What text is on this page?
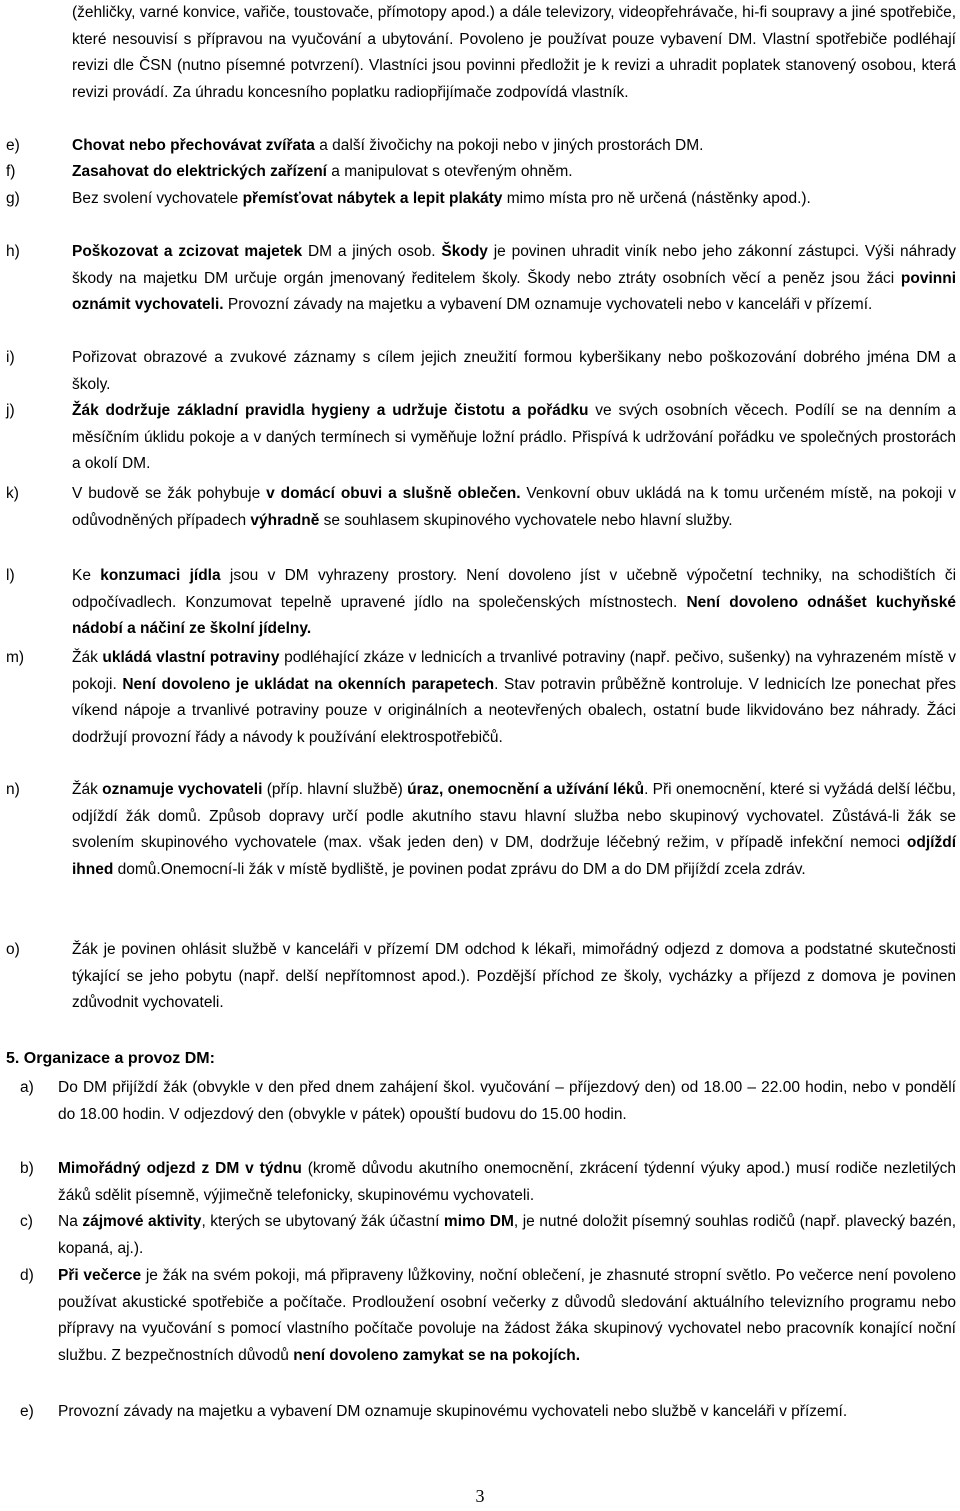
(žehličky, varné konvice, vařiče, toustovače, přímotopy apod.) a dále televizory, videopřehrávače, hi-fi soupravy a jiné spotřebiče, které nesouvisí s přípravou na vyučování a ubytování. Povoleno je používat pouze vybavení DM. Vlastní spotřebiče podléhají revizi dle ČSN (nutno písemné potvrzení). Vlastníci jsou povinni předložit je k revizi a uhradit poplatek stanovený osobou, která revizi provádí. Za úhradu koncesního poplatku radiopřijímače zodpovídá vlastník.
e)	Chovat nebo přechovávat zvířata a další živočichy na pokoji nebo v jiných prostorách DM.
f)	Zasahovat do elektrických zařízení a manipulovat s otevřeným ohněm.
g)	Bez svolení vychovatele přemísťovat nábytek a lepit plakáty mimo místa pro ně určená (nástěnky apod.).
h)	Poškozovat a zcizovat majetek DM a jiných osob. Škody je povinen uhradit viník nebo jeho zákonní zástupci. Výši náhrady škody na majetku DM určuje orgán jmenovaný ředitelem školy. Škody nebo ztráty osobních věcí a peněz jsou žáci povinni oznámit vychovateli. Provozní závady na majetku a vybavení DM oznamuje vychovateli nebo v kanceláři v přízemí.
i)	Pořizovat obrazové a zvukové záznamy s cílem jejich zneužití formou kyberšikany nebo poškozování dobrého jména DM a školy.
j)	Žák dodržuje základní pravidla hygieny a udržuje čistotu a pořádku ve svých osobních věcech. Podílí se na denním a měsíčním úklidu pokoje a v daných termínech si vyměňuje ložní prádlo. Přispívá k udržování pořádku ve společných prostorách a okolí DM.
k)	V budově se žák pohybuje v domácí obuvi a slušně oblečen. Venkovní obuv ukládá na k tomu určeném místě, na pokoji v odůvodněných případech výhradně se souhlasem skupinového vychovatele nebo hlavní služby.
l)	Ke konzumaci jídla jsou v DM vyhrazeny prostory. Není dovoleno jíst v učebně výpočetní techniky, na schodištích či odpočívadlech. Konzumovat tepelně upravené jídlo na společenských místnostech. Není dovoleno odnášet kuchyňské nádobí a náčiní ze školní jídelny.
m)	Žák ukládá vlastní potraviny podléhající zkáze v lednicích a trvanlivé potraviny (např. pečivo, sušenky) na vyhrazeném místě v pokoji. Není dovoleno je ukládat na okenních parapetech. Stav potravin průběžně kontroluje. V lednicích lze ponechat přes víkend nápoje a trvanlivé potraviny pouze v originálních a neotevřených obalech, ostatní bude likvidováno bez náhrady. Žáci dodržují provozní řády a návody k používání elektrospotřebičů.
n)	Žák oznamuje vychovateli (příp. hlavní službě) úraz, onemocnění a užívání léků. Při onemocnění, které si vyžádá delší léčbu, odjíždí žák domů. Způsob dopravy určí podle akutního stavu hlavní služba nebo skupinový vychovatel. Zůstává-li žák se svolením skupinového vychovatele (max. však jeden den) v DM, dodržuje léčebný režim, v případě infekční nemoci odjíždí ihned domů.Onemocní-li žák v místě bydliště, je povinen podat zprávu do DM a do DM přijíždí zcela zdráv.
o)	Žák je povinen ohlásit službě v kanceláři v přízemí DM odchod k lékaři, mimořádný odjezd z domova a podstatné skutečnosti týkající se jeho pobytu (např. delší nepřítomnost apod.). Pozdější příchod ze školy, vycházky a příjezd z domova je povinen zdůvodnit vychovateli.
5. Organizace a provoz DM:
a)	Do DM přijíždí žák (obvykle v den před dnem zahájení škol. vyučování – příjezdový den) od 18.00 – 22.00 hodin, nebo v pondělí do 18.00 hodin. V odjezdový den (obvykle v pátek) opouští budovu do 15.00 hodin.
b)	Mimořádný odjezd z DM v týdnu (kromě důvodu akutního onemocnění, zkrácení týdenní výuky apod.) musí rodiče nezletilých žáků sdělit písemně, výjimečně telefonicky, skupinovému vychovateli.
c)	Na zájmové aktivity, kterých se ubytovaný žák účastní mimo DM, je nutné doložit písemný souhlas rodičů (např. plavecký bazén, kopaná, aj.).
d)	Při večerce je žák na svém pokoji, má připraveny lůžkoviny, noční oblečení, je zhasnuté stropní světlo. Po večerce není povoleno používat akustické spotřebiče a počítače. Prodloužení osobní večerky z důvodů sledování aktuálního televizního programu nebo přípravy na vyučování s pomocí vlastního počítače povoluje na žádost žáka skupinový vychovatel nebo pracovník konající noční službu. Z bezpečnostních důvodů není dovoleno zamykat se na pokojích.
e)	Provozní závady na majetku a vybavení DM oznamuje skupinovému vychovateli nebo službě v kanceláři v přízemí.
3
